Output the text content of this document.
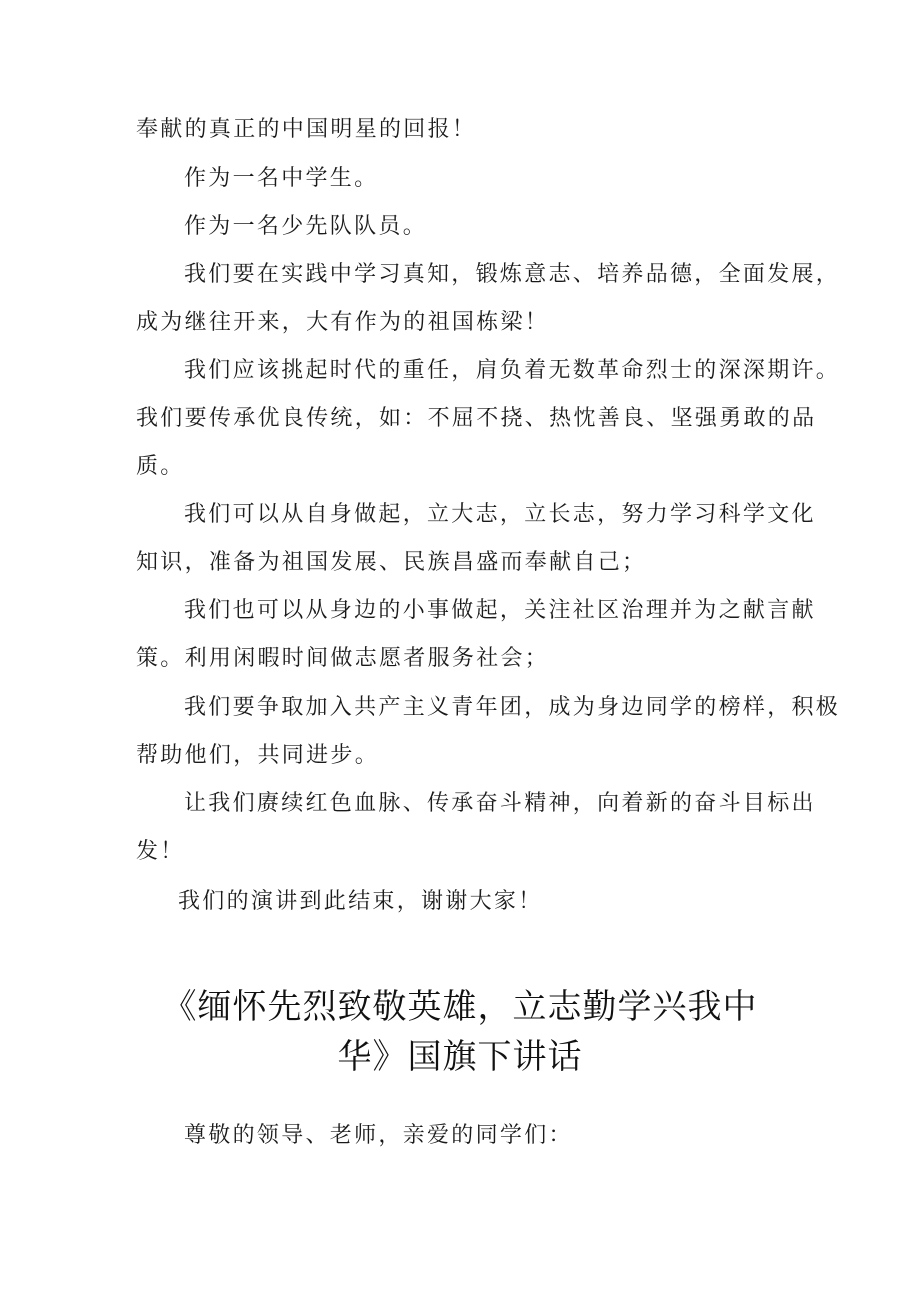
奉献的真正的中国明星的回报！

作为一名中学生。

作为一名少先队队员。

我们要在实践中学习真知，锻炼意志、培养品德，全面发展，

成为继往开来，大有作为的祖国栋梁！

我们应该挑起时代的重任，肩负着无数革命烈士的深深期许。

我们要传承优良传统，如：不屈不挠、热忱善良、坚强勇敢的品

质。

我们可以从自身做起，立大志，立长志，努力学习科学文化

知识，准备为祖国发展、民族昌盛而奉献自己；

我们也可以从身边的小事做起，关注社区治理并为之献言献

策。利用闲暇时间做志愿者服务社会；

我们要争取加入共产主义青年团，成为身边同学的榜样，积极

帮助他们，共同进步。

让我们赓续红色血脉、传承奋斗精神，向着新的奋斗目标出

发！

我们的演讲到此结束，谢谢大家！

《缅怀先烈致敬英雄，立志勤学兴我中
华》国旗下讲话

尊敬的领导、老师，亲爱的同学们：
